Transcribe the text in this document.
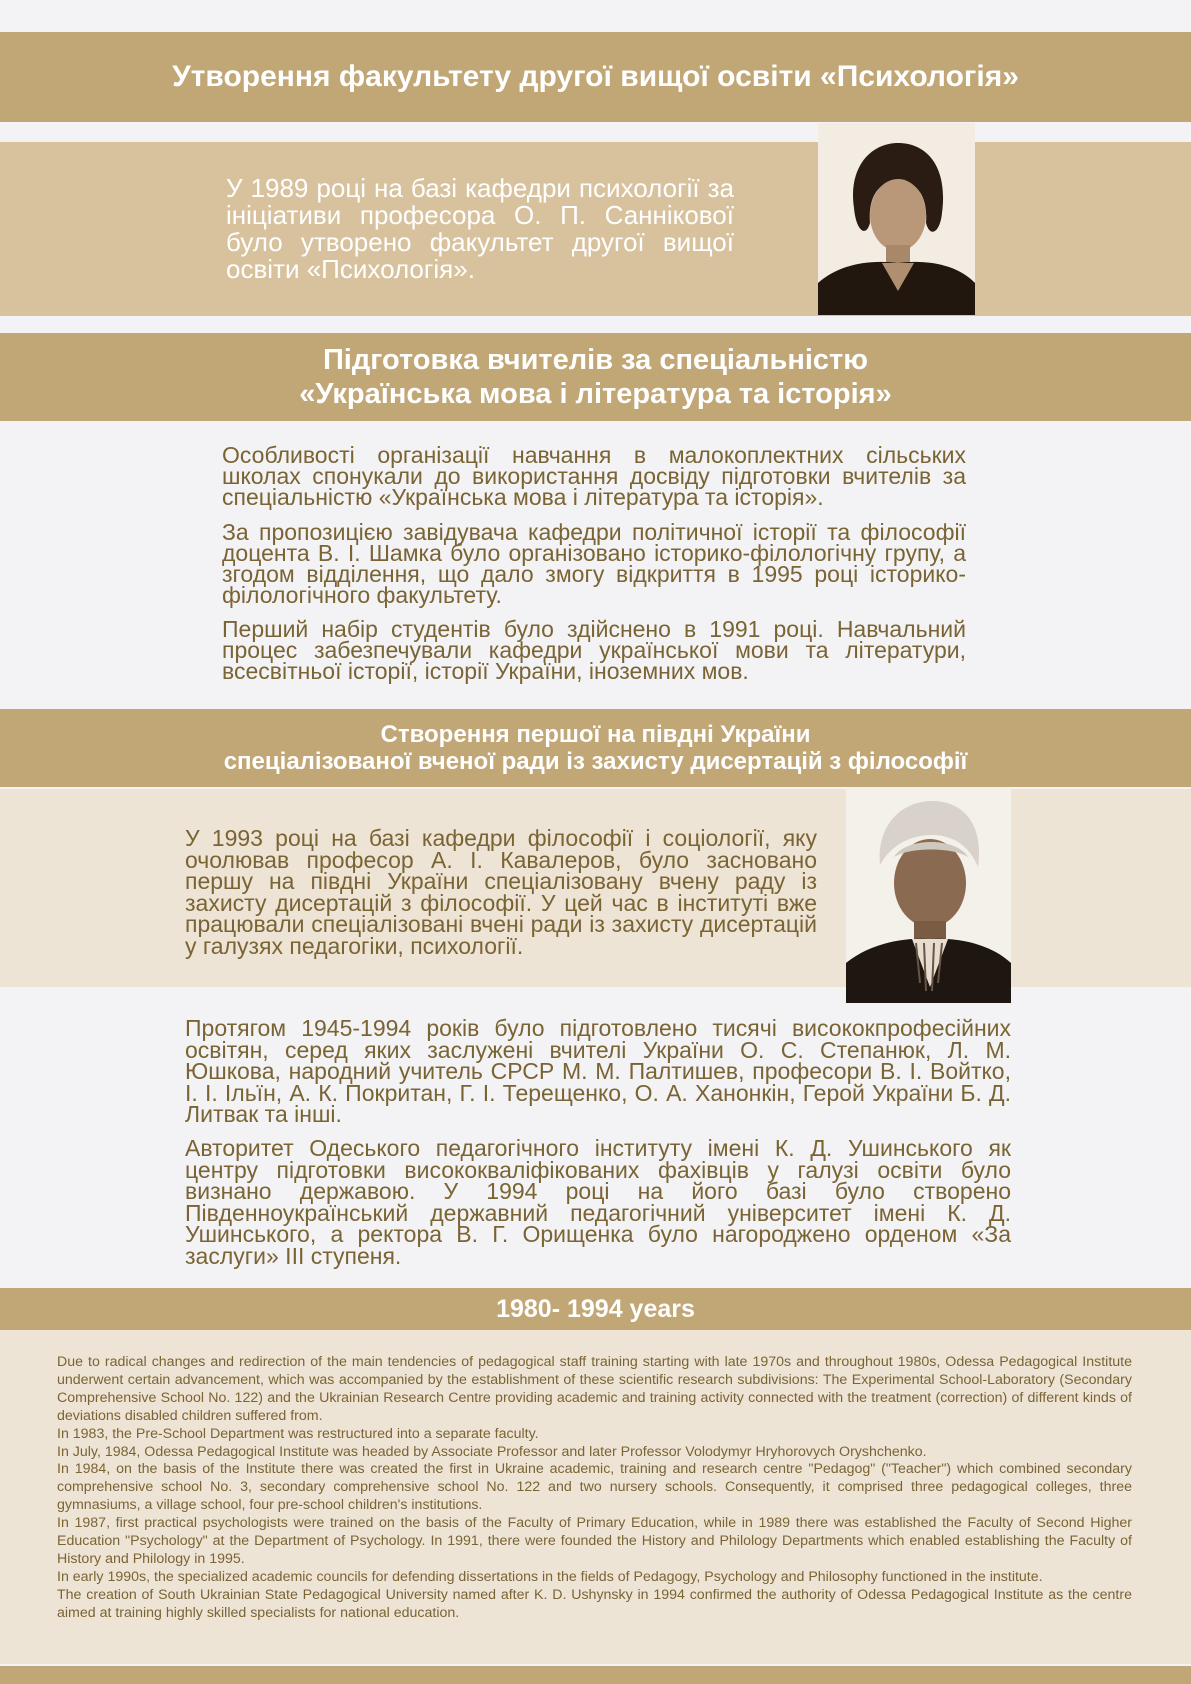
Утворення факультету другої вищої освіти «Психологія»

У 1989 році на базі кафедри психології за ініціативи професора О. П. Саннікової було утворено факультет другої вищої освіти «Психологія».

Підготовка вчителів за спеціальністю
«Українська мова і література та історія»

Особливості організації навчання в малокоплектних сільських школах спонукали до використання досвіду підготовки вчителів за спеціальністю «Українська мова і література та історія».

За пропозицією завідувача кафедри політичної історії та філософії доцента В. І. Шамка було організовано історико-філологічну групу, а згодом відділення, що дало змогу відкриття в 1995 році історико-філологічного факультету.

Перший набір студентів було здійснено в 1991 році. Навчальний процес забезпечували кафедри української мови та літератури, всесвітньої історії, історії України, іноземних мов.

Створення першої на півдні України
спеціалізованої вченої ради із захисту дисертацій з філософії

У 1993 році на базі кафедри філософії і соціології, яку очолював професор А. І. Кавалеров, було засновано першу на півдні України спеціалізовану вчену раду із захисту дисертацій з філософії. У цей час в інституті вже працювали спеціалізовані вчені ради із захисту дисертацій у галузях педагогіки, психології.

Протягом 1945-1994 років було підготовлено тисячі висококпрофесійних освітян, серед яких заслужені вчителі України О. С. Степанюк, Л. М. Юшкова, народний учитель СРСР М. М. Палтишев, професори В. І. Войтко, І. І. Ільїн, А. К. Покритан, Г. І. Терещенко, О. А. Ханонкін, Герой України Б. Д. Литвак та інші.

Авторитет Одеського педагогічного інституту імені К. Д. Ушинського як центру підготовки висококваліфікованих фахівців у галузі освіти було визнано державою. У 1994 році на його базі було створено Південноукраїнський державний педагогічний університет імені К. Д. Ушинського, а ректора В. Г. Орищенка було нагороджено орденом «За заслуги» ІІІ ступеня.

1980- 1994 years

Due to radical changes and redirection of the main tendencies of pedagogical staff training starting with late 1970s and throughout 1980s, Odessa Pedagogical Institute underwent certain advancement, which was accompanied by the establishment of these scientific research subdivisions: The Experimental School-Laboratory (Secondary Comprehensive School No. 122) and the Ukrainian Research Centre providing academic and training activity connected with the treatment (correction) of different kinds of deviations disabled children suffered from.

In 1983, the Pre-School Department was restructured into a separate faculty.

In July, 1984, Odessa Pedagogical Institute was headed by Associate Professor and later Professor Volodymyr Hryhorovych Oryshchenko.

In 1984, on the basis of the Institute there was created the first in Ukraine academic, training and research centre "Pedagog" ("Teacher") which combined secondary comprehensive school No. 3, secondary comprehensive school No. 122 and two nursery schools. Consequently, it comprised three pedagogical colleges, three gymnasiums, a village school, four pre-school children's institutions.

In 1987, first practical psychologists were trained on the basis of the Faculty of Primary Education, while in 1989 there was established the Faculty of Second Higher Education "Psychology" at the Department of Psychology. In 1991, there were founded the History and Philology Departments which enabled establishing the Faculty of History and Philology in 1995.

In early 1990s, the specialized academic councils for defending dissertations in the fields of Pedagogy, Psychology and Philosophy functioned in the institute.

The creation of South Ukrainian State Pedagogical University named after K. D. Ushynsky in 1994 confirmed the authority of Odessa Pedagogical Institute as the centre aimed at training highly skilled specialists for national education.
